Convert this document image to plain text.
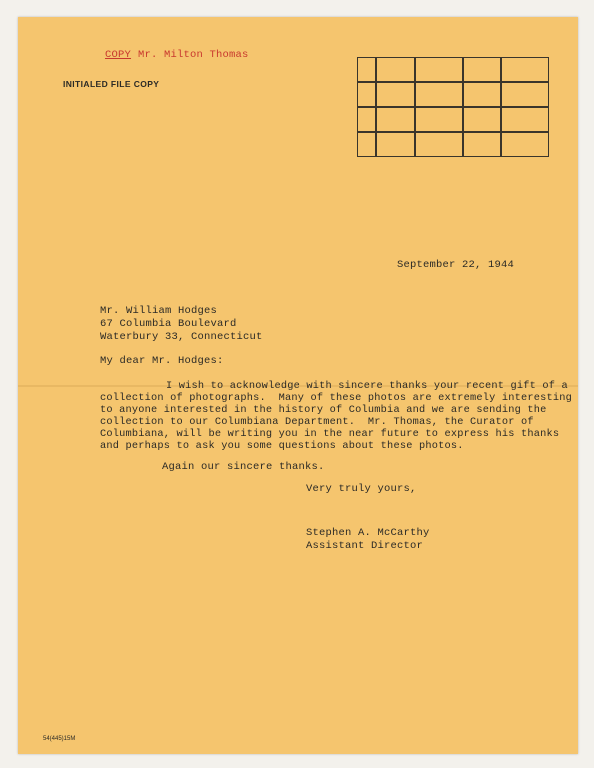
COPY Mr. Milton Thomas
INITIALED FILE COPY
September 22, 1944
Mr. William Hodges
67 Columbia Boulevard
Waterbury 33, Connecticut
My dear Mr. Hodges:
I wish to acknowledge with sincere thanks your recent gift of a
collection of photographs.  Many of these photos are extremely interesting
to anyone interested in the history of Columbia and we are sending the
collection to our Columbiana Department.  Mr. Thomas, the Curator of
Columbiana, will be writing you in the near future to express his thanks
and perhaps to ask you some questions about these photos.
Again our sincere thanks.
Very truly yours,
Stephen A. McCarthy
Assistant Director
54(445)15M
